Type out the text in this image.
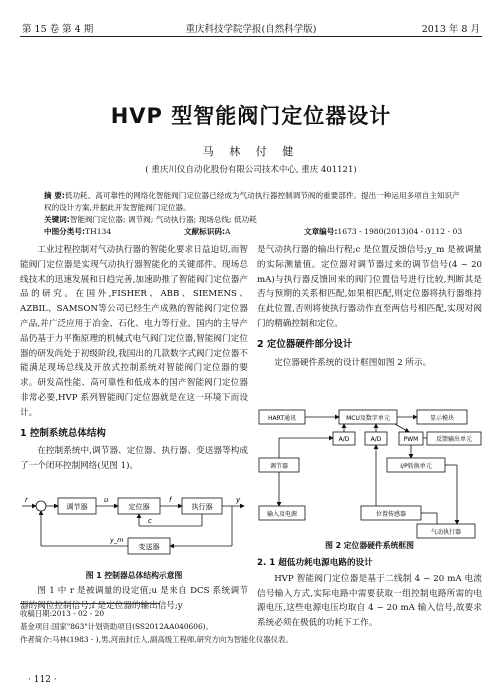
第 15 卷 第 4 期	重庆科技学院学报(自然科学版)	2013 年 8 月
HVP 型智能阀门定位器设计
马 林 付 健
( 重庆川仪自动化股份有限公司技术中心, 重庆 401121)
摘 要:低功耗、高可靠性的网络化智能阀门定位器已经成为气动执行器控制调节阀的重要部件。提出一种运用多项自主知识产权的设计方案,并据此开发智能阀门定位器。
关键词:智能阀门定位器; 调节阀; 气动执行器; 现场总线; 低功耗
中图分类号:TH134	文献标识码:A	文章编号:1673 - 1980(2013)04 - 0112 - 03

工业过程控制对气动执行器的智能化要求日益迫切,而智能阀门定位器是实现气动执行器智能化的关键部件。现场总线技术的迅速发展和日趋完善,加速助推了智能阀门定位器产品的研究。在国外,FISHER、ABB、SIEMENS、AZBIL、SAMSON等公司已经生产成熟的智能阀门定位器产品,并广泛应用于冶金、石化、电力等行业。国内的主导产品仍基于力平衡原理的机械式电气阀门定位器,智能阀门定位器的研发尚处于初级阶段,我国出的几款数字式阀门定位器不能满足现场总线及开放式控制系统对智能阀门定位器的要求。研发高性能、高可靠性和低成本的国产智能阀门定位器非常必要,HVP 系列智能阀门定位器就是在这一环境下而设计。

1 控制系统总体结构

在控制系统中,调节器、定位器、执行器、变送器等构成了一个闭环控制网络(见图 1)。

r	u	f	y
c
y_m
调节器	定位器	执行器
变送器
图 1 控制器总体结构示意图

图 1 中 r 是被调量的设定值;u 是来自 DCS 系统调节器的阀位控制信号;f 是定位器的输出信号;y

是气动执行器的输出行程;c 是位置反馈信号;y_m 是被调量的实际测量值。定位器对调节器过来的调节信号(4 ~ 20 mA)与执行器反馈回来的阀门位置信号进行比较,判断其是否与预期的关系相匹配,如果相匹配,则定位器将执行器维持在此位置,否则将使执行器动作直至两信号相匹配,实现对阀门的精确控制和定位。

2 定位器硬件部分设计

定位器硬件系统的设计框图如图 2 所示。

HART通讯	MCU及数字单元	显示模块
A/D	A/D	PWM	反馈输出单元
调节器	I/P转换单元
输入及电源	位置传感器
气动执行器
图 2 定位器硬件系统框图
2. 1 超低功耗电源电路的设计

HVP 智能阀门定位器是基于二线制 4 ~ 20 mA 电流信号输入方式,实际电路中需要获取一组控制电路所需的电源电压,这些电源电压均取自 4 ~ 20 mA 输入信号,故要求系统必须在极低的功耗下工作。

收稿日期:2013 - 02 - 20
基金项目:国家"863"计划资助项目(SS2012AA040606)。
作者简介:马林(1983 - ),男,河南封丘人,副高级工程师,研究方向为智能化仪器仪表。
· 112 ·
